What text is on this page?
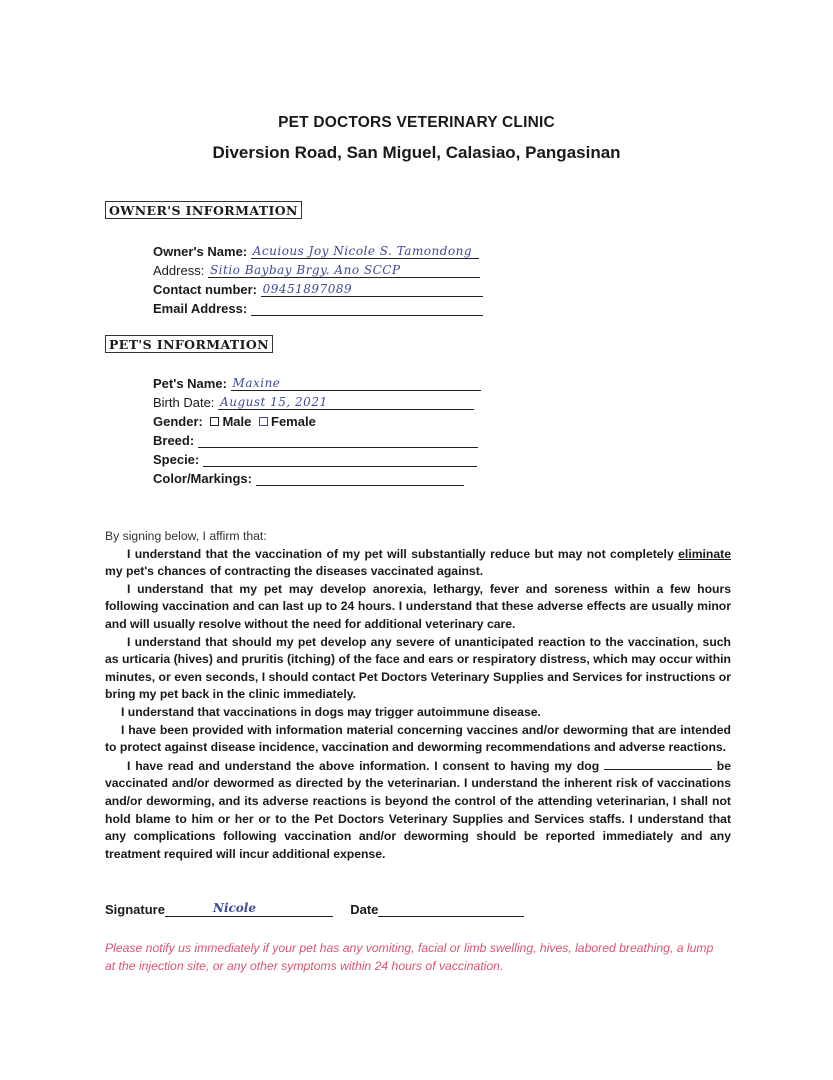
PET DOCTORS VETERINARY CLINIC
Diversion Road, San Miguel, Calasiao, Pangasinan
OWNER'S INFORMATION
Owner's Name: Acuious Joy Nicole S. Tamondong
Address: Sitio Baybay Brgy. Ano SCCP
Contact number: 09451897089
Email Address:
PET'S INFORMATION
Pet's Name: Maxine
Birth Date: August 15, 2021
Gender: Male Female
Breed:
Specie:
Color/Markings:
By signing below, I affirm that:

I understand that the vaccination of my pet will substantially reduce but may not completely eliminate my pet's chances of contracting the diseases vaccinated against.

I understand that my pet may develop anorexia, lethargy, fever and soreness within a few hours following vaccination and can last up to 24 hours. I understand that these adverse effects are usually minor and will usually resolve without the need for additional veterinary care.

I understand that should my pet develop any severe of unanticipated reaction to the vaccination, such as urticaria (hives) and pruritis (itching) of the face and ears or respiratory distress, which may occur within minutes, or even seconds, I should contact Pet Doctors Veterinary Supplies and Services for instructions or bring my pet back in the clinic immediately.

I understand that vaccinations in dogs may trigger autoimmune disease.

I have been provided with information material concerning vaccines and/or deworming that are intended to protect against disease incidence, vaccination and deworming recommendations and adverse reactions.

I have read and understand the above information. I consent to having my dog	be vaccinated and/or dewormed as directed by the veterinarian. I understand the inherent risk of vaccinations and/or deworming, and its adverse reactions is beyond the control of the attending veterinarian, I shall not hold blame to him or her or to the Pet Doctors Veterinary Supplies and Services staffs. I understand that any complications following vaccination and/or deworming should be reported immediately and any treatment required will incur additional expense.

Signature	Nicole	Date
Please notify us immediately if your pet has any vomiting, facial or limb swelling, hives, labored breathing, a lump at the injection site, or any other symptoms within 24 hours of vaccination.
